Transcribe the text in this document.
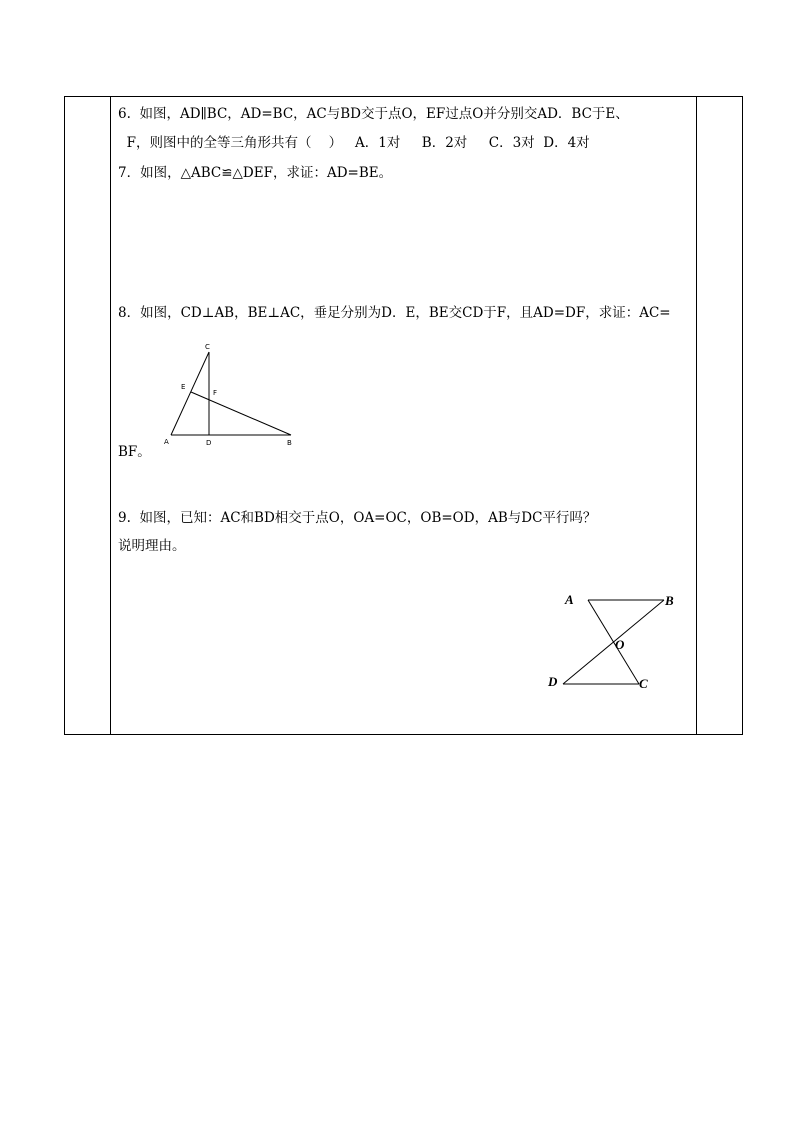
6.  如图，AD∥BC，AD=BC，AC与BD交于点O，EF过点O并分别交AD．BC于E、
F，则图中的全等三角形共有（    ）   A．1对     B．2对     C．3对  D．4对
7．如图，△ABC≌△DEF，求证：AD=BE。
8．如图，CD⊥AB，BE⊥AC，垂足分别为D．E，BE交CD于F，且AD=DF，求证：AC=
C
E
F
A	D	B
BF。
9.  如图，已知：AC和BD相交于点O，OA=OC，OB=OD，AB与DC平行吗？
说明理由。
A	B
O
D	C
